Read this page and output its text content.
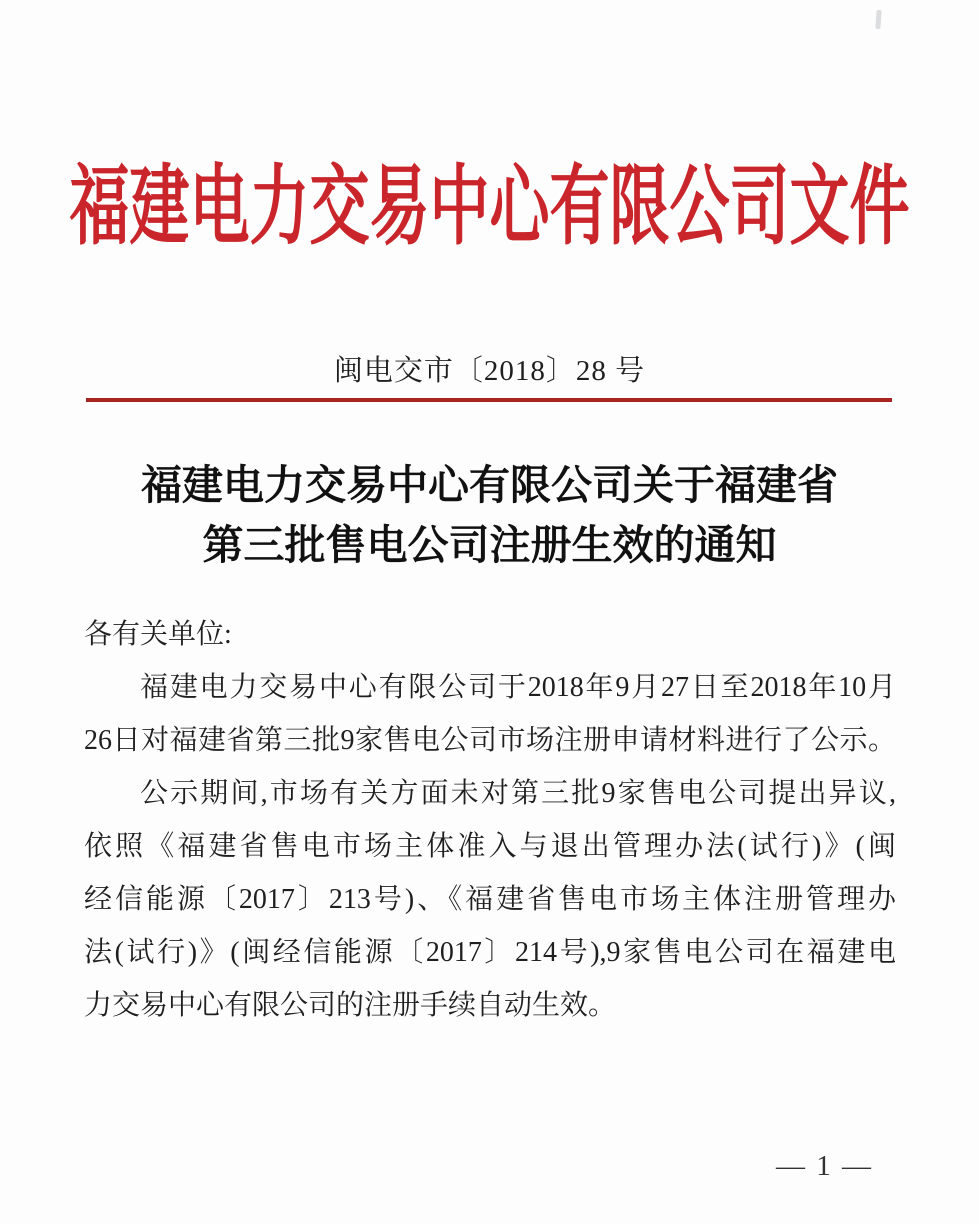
福建电力交易中心有限公司文件
闽电交市〔2018〕28 号
福建电力交易中心有限公司关于福建省
第三批售电公司注册生效的通知
各有关单位:
福建电力交易中心有限公司于2018年9月27日至2018年10月
26日对福建省第三批9家售电公司市场注册申请材料进行了公示。
公示期间,市场有关方面未对第三批9家售电公司提出异议,
依照《福建省售电市场主体准入与退出管理办法(试行)》(闽
经信能源〔2017〕213号)、《福建省售电市场主体注册管理办
法(试行)》(闽经信能源〔2017〕214号),9家售电公司在福建电
力交易中心有限公司的注册手续自动生效。
— 1 —
